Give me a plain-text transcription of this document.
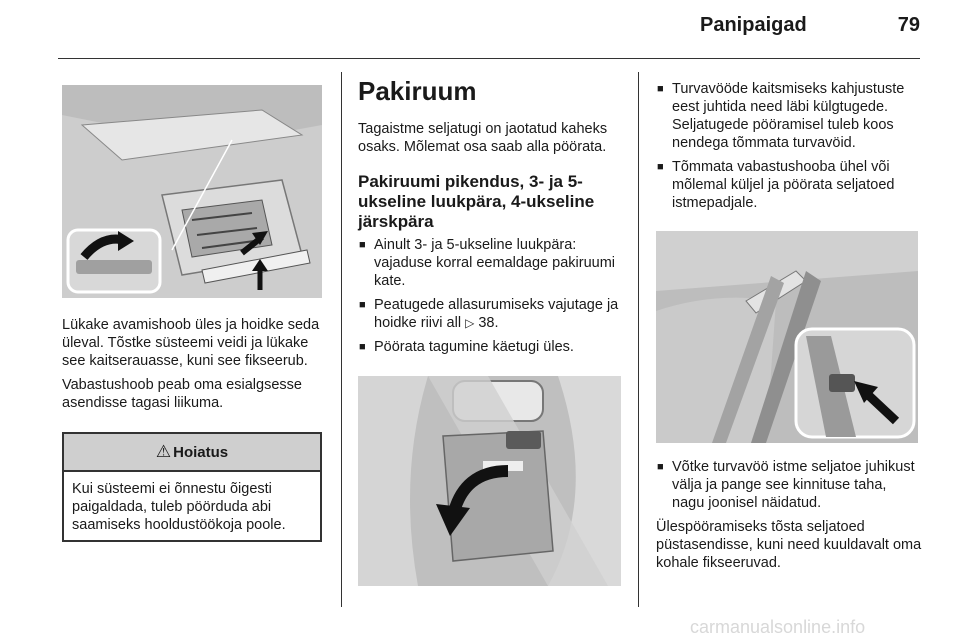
Panipaigad	79

Lükake avamishoob üles ja hoidke seda üleval. Tõstke süsteemi veidi ja lükake see kaitserauasse, kuni see fikseerub.

Vabastushoob peab oma esialgsesse asendisse tagasi liikuma.

⚠ Hoiatus
Kui süsteemi ei õnnestu õigesti paigaldada, tuleb pöörduda abi saamiseks hooldustöökoja poole.
Pakiruum

Tagaistme seljatugi on jaotatud kaheks osaks. Mõlemat osa saab alla pöörata.

Pakiruumi pikendus, 3- ja 5-ukseline luukpära, 4-ukseline järskpära
■ Ainult 3- ja 5-ukseline luukpära: vajaduse korral eemaldage pakiruumi kate.
■ Peatugede allasurumiseks vajutage ja hoidke riivi all ▷ 38.
■ Pöörata tagumine käetugi üles.
■ Turvavööde kaitsmiseks kahjustuste eest juhtida need läbi külgtugede. Seljatugede pööramisel tuleb koos nendega tõmmata turvavöid.
■ Tõmmata vabastushooba ühel või mõlemal küljel ja pöörata seljatoed istmepadjale.
■ Võtke turvavöö istme seljatoe juhikust välja ja pange see kinnituse taha, nagu joonisel näidatud.

Ülespööramiseks tõsta seljatoed püstasendisse, kuni need kuuldavalt oma kohale fikseeruvad.

carmanualsonline.info
